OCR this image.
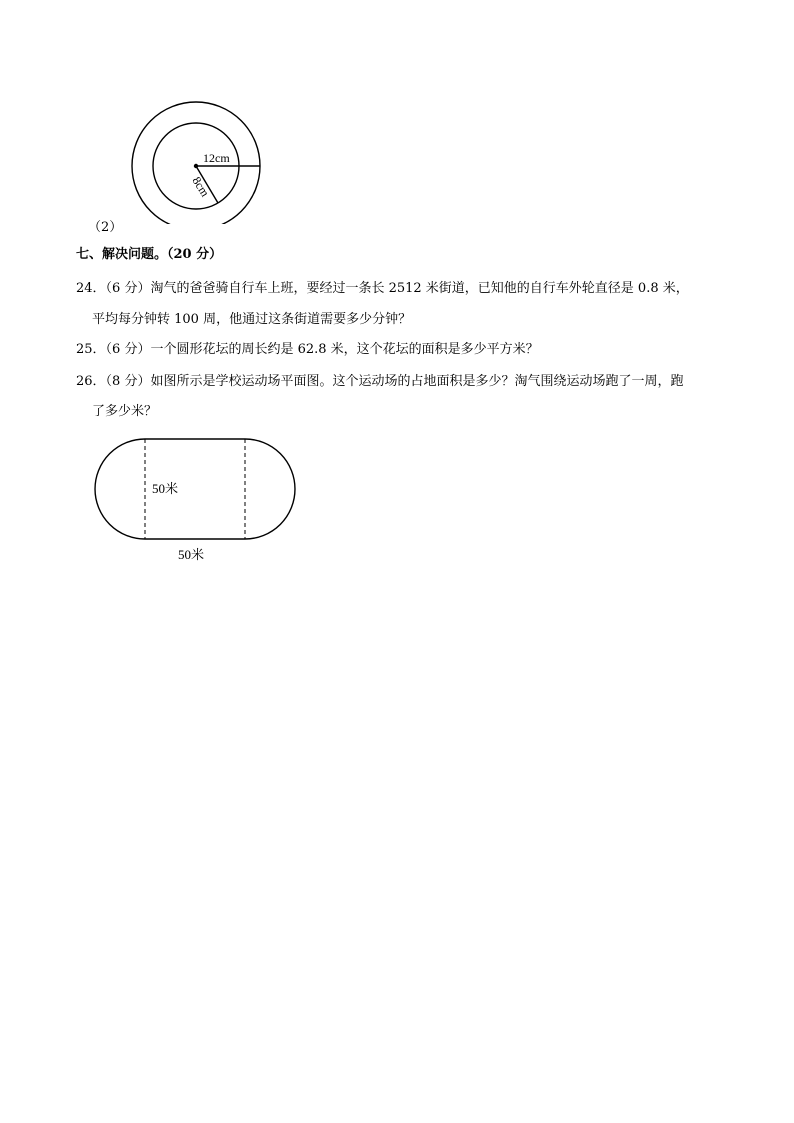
12cm
8cm
（2）
七、解决问题。（20 分）
24．（6 分）淘气的爸爸骑自行车上班，要经过一条长 2512 米街道，已知他的自行车外轮直径是 0.8 米，
平均每分钟转 100 周，他通过这条街道需要多少分钟？
25．（6 分）一个圆形花坛的周长约是 62.8 米，这个花坛的面积是多少平方米？
26．（8 分）如图所示是学校运动场平面图。这个运动场的占地面积是多少？淘气围绕运动场跑了一周，跑
了多少米？
50米
50米
